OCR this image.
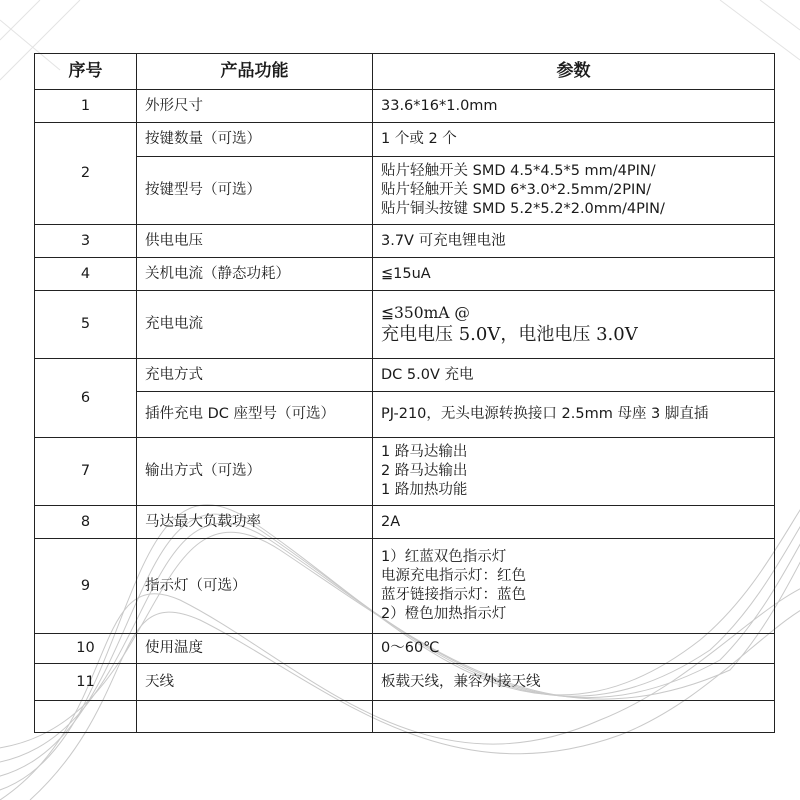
序号	产品功能	参数
1	外形尺寸	33.6*16*1.0mm

2	按键数量（可选）	1 个或 2 个

	按键型号（可选）	贴片轻触开关 SMD 4.5*4.5*5 mm/4PIN/
贴片轻触开关 SMD 6*3.0*2.5mm/2PIN/
贴片铜头按键 SMD 5.2*5.2*2.0mm/4PIN/

3	供电电压	3.7V 可充电锂电池

4	关机电流（静态功耗）	≦15uA

5	充电电流	≦350mA @
充电电压 5.0V，电池电压 3.0V

6	充电方式	DC 5.0V 充电

	插件充电 DC 座型号（可选）	PJ-210，无头电源转换接口 2.5mm 母座 3 脚直插

7	输出方式（可选）	1 路马达输出
2 路马达输出
1 路加热功能

8	马达最大负载功率	2A

9	指示灯（可选）	1）红蓝双色指示灯
电源充电指示灯：红色
蓝牙链接指示灯：蓝色
2）橙色加热指示灯

10	使用温度	0～60℃

11	天线	板载天线，兼容外接天线
